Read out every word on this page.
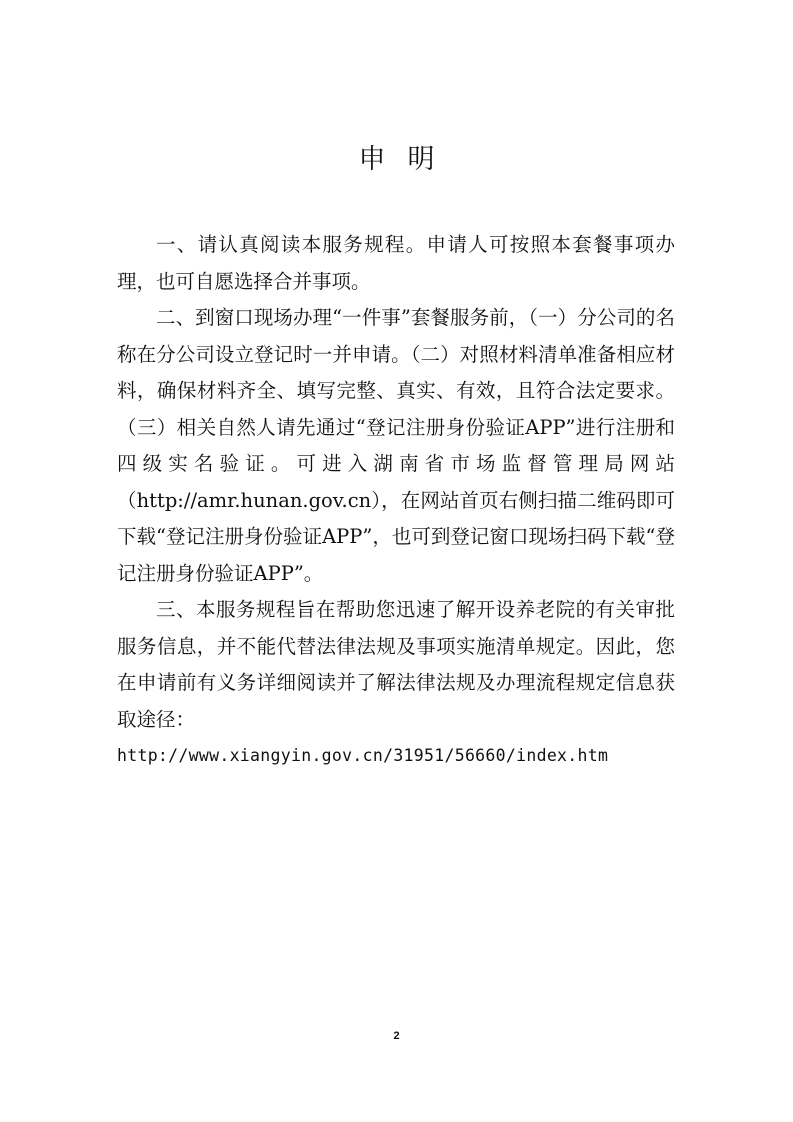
申明

一、请认真阅读本服务规程。申请人可按照本套餐事项办理，也可自愿选择合并事项。

二、到窗口现场办理“一件事”套餐服务前，（一）分公司的名称在分公司设立登记时一并申请。（二）对照材料清单准备相应材料，确保材料齐全、填写完整、真实、有效，且符合法定要求。（三）相关自然人请先通过“登记注册身份验证APP”进行注册和四级实名验证。可进入湖南省市场监督管理局网站（http://amr.hunan.gov.cn），在网站首页右侧扫描二维码即可下载“登记注册身份验证APP”，也可到登记窗口现场扫码下载“登记注册身份验证APP”。

三、本服务规程旨在帮助您迅速了解开设养老院的有关审批服务信息，并不能代替法律法规及事项实施清单规定。因此，您在申请前有义务详细阅读并了解法律法规及办理流程规定信息获取途径：

http://www.xiangyin.gov.cn/31951/56660/index.htm

2
